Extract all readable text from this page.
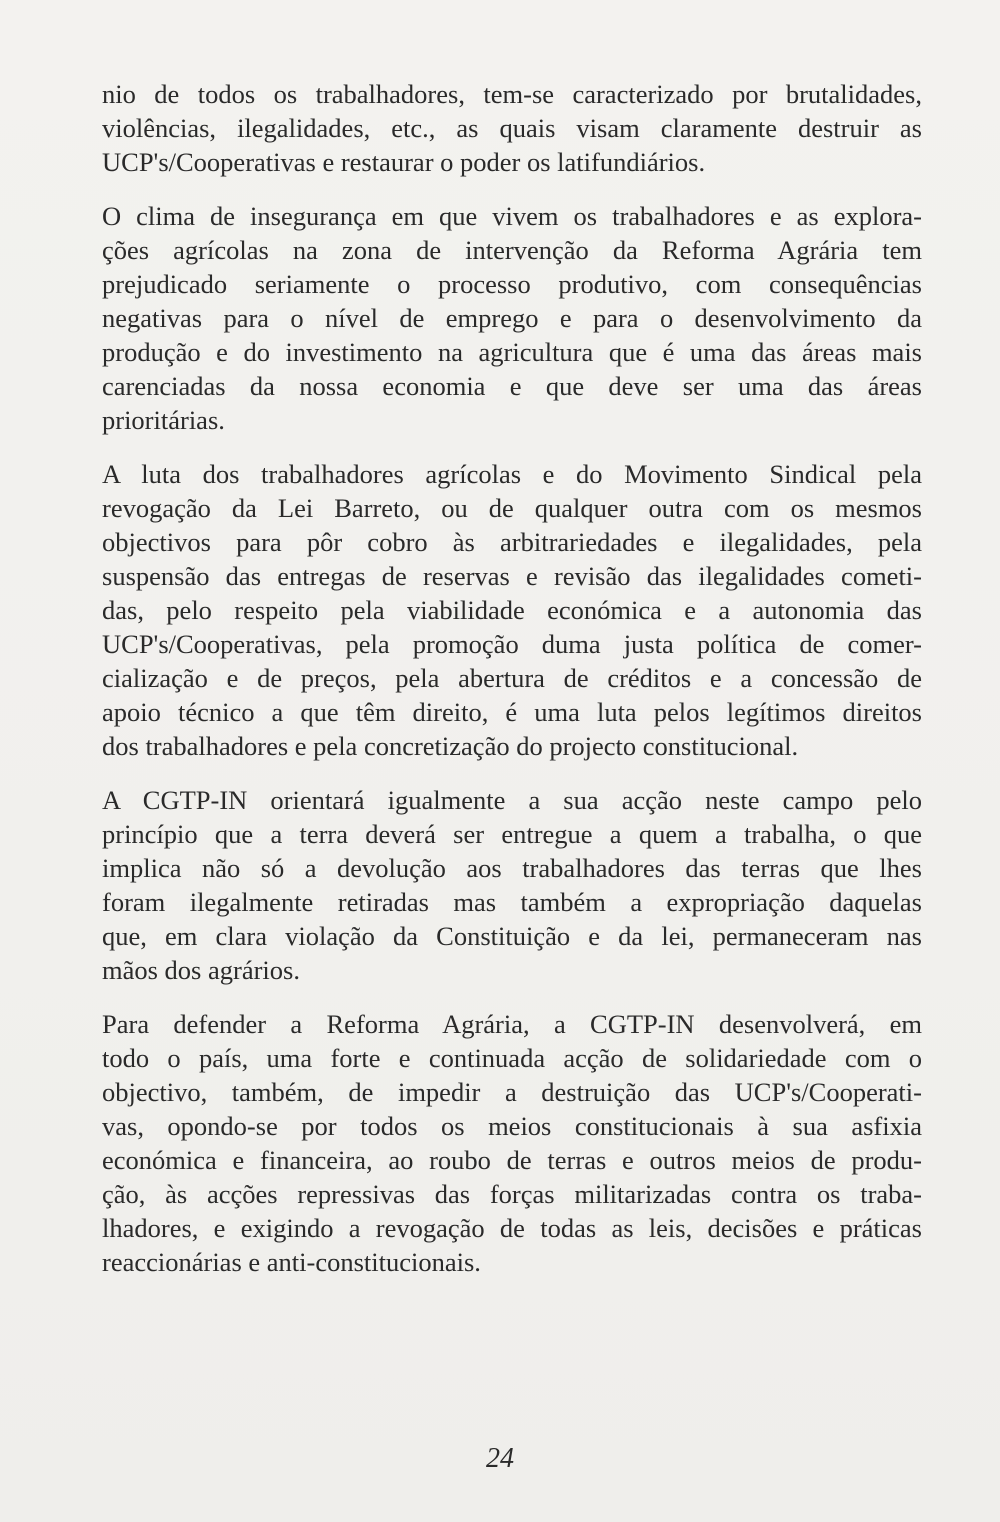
nio de todos os trabalhadores, tem-se caracterizado por brutalidades,
violências, ilegalidades, etc., as quais visam claramente destruir as
UCP's/Cooperativas e restaurar o poder os latifundiários.

O clima de insegurança em que vivem os trabalhadores e as explora-
ções agrícolas na zona de intervenção da Reforma Agrária tem
prejudicado seriamente o processo produtivo, com consequências
negativas para o nível de emprego e para o desenvolvimento da
produção e do investimento na agricultura que é uma das áreas mais
carenciadas da nossa economia e que deve ser uma das áreas
prioritárias.

A luta dos trabalhadores agrícolas e do Movimento Sindical pela
revogação da Lei Barreto, ou de qualquer outra com os mesmos
objectivos para pôr cobro às arbitrariedades e ilegalidades, pela
suspensão das entregas de reservas e revisão das ilegalidades cometi-
das, pelo respeito pela viabilidade económica e a autonomia das
UCP's/Cooperativas, pela promoção duma justa política de comer-
cialização e de preços, pela abertura de créditos e a concessão de
apoio técnico a que têm direito, é uma luta pelos legítimos direitos
dos trabalhadores e pela concretização do projecto constitucional.

A CGTP-IN orientará igualmente a sua acção neste campo pelo
princípio que a terra deverá ser entregue a quem a trabalha, o que
implica não só a devolução aos trabalhadores das terras que lhes
foram ilegalmente retiradas mas também a expropriação daquelas
que, em clara violação da Constituição e da lei, permaneceram nas
mãos dos agrários.

Para defender a Reforma Agrária, a CGTP-IN desenvolverá, em
todo o país, uma forte e continuada acção de solidariedade com o
objectivo, também, de impedir a destruição das UCP's/Cooperati-
vas, opondo-se por todos os meios constitucionais à sua asfixia
económica e financeira, ao roubo de terras e outros meios de produ-
ção, às acções repressivas das forças militarizadas contra os traba-
lhadores, e exigindo a revogação de todas as leis, decisões e práticas
reaccionárias e anti-constitucionais.

24
